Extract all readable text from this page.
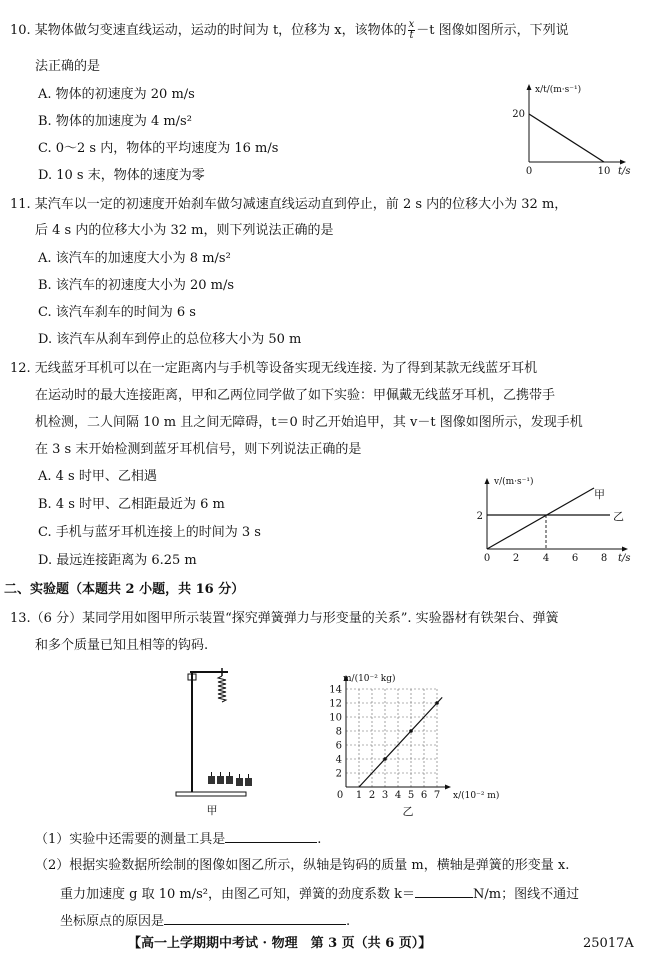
10. 某物体做匀变速直线运动，运动的时间为 t，位移为 x，该物体的 $\frac{x}{t} -t$ 图像如图所示，下列说
法正确的是
A. 物体的初速度为 20 m/s
B. 物体的加速度为 4 m/s²
C. 0～2 s 内，物体的平均速度为 16 m/s
D. 10 s 末，物体的速度为零
x/t/(m·s⁻¹)
20
0	10 t/s
11. 某汽车以一定的初速度开始刹车做匀减速直线运动直到停止，前 2 s 内的位移大小为 32 m，
后 4 s 内的位移大小为 32 m，则下列说法正确的是
A. 该汽车的加速度大小为 8 m/s²
B. 该汽车的初速度大小为 20 m/s
C. 该汽车刹车的时间为 6 s
D. 该汽车从刹车到停止的总位移大小为 50 m
12. 无线蓝牙耳机可以在一定距离内与手机等设备实现无线连接. 为了得到某款无线蓝牙耳机
在运动时的最大连接距离，甲和乙两位同学做了如下实验：甲佩戴无线蓝牙耳机，乙携带手
机检测，二人间隔 10 m 且之间无障碍，t＝0 时乙开始追甲，其 v－t 图像如图所示，发现手机
在 3 s 末开始检测到蓝牙耳机信号，则下列说法正确的是
A. 4 s 时甲、乙相遇
B. 4 s 时甲、乙相距最近为 6 m
C. 手机与蓝牙耳机连接上的时间为 3 s
D. 最远连接距离为 6.25 m
v/(m·s⁻¹)
2
0 2 4 6 8 t/s
甲
乙
二、实验题（本题共 2 小题，共 16 分）
13.（6 分）某同学用如图甲所示装置“探究弹簧弹力与形变量的关系”. 实验器材有铁架台、弹簧
和多个质量已知且相等的钩码.
甲
1 2 3 4 5 6 7
2
4
6
8
10
12
14
m/(10⁻² kg)
0	x/(10⁻² m)
乙
（1）实验中还需要的测量工具是	.
（2）根据实验数据所绘制的图像如图乙所示，纵轴是钩码的质量 m，横轴是弹簧的形变量 x.
重力加速度 g 取 10 m/s²，由图乙可知，弹簧的劲度系数 k＝	N/m；图线不通过
坐标原点的原因是	.
【高一上学期期中考试 · 物理　第 3 页（共 6 页）】	25017A
